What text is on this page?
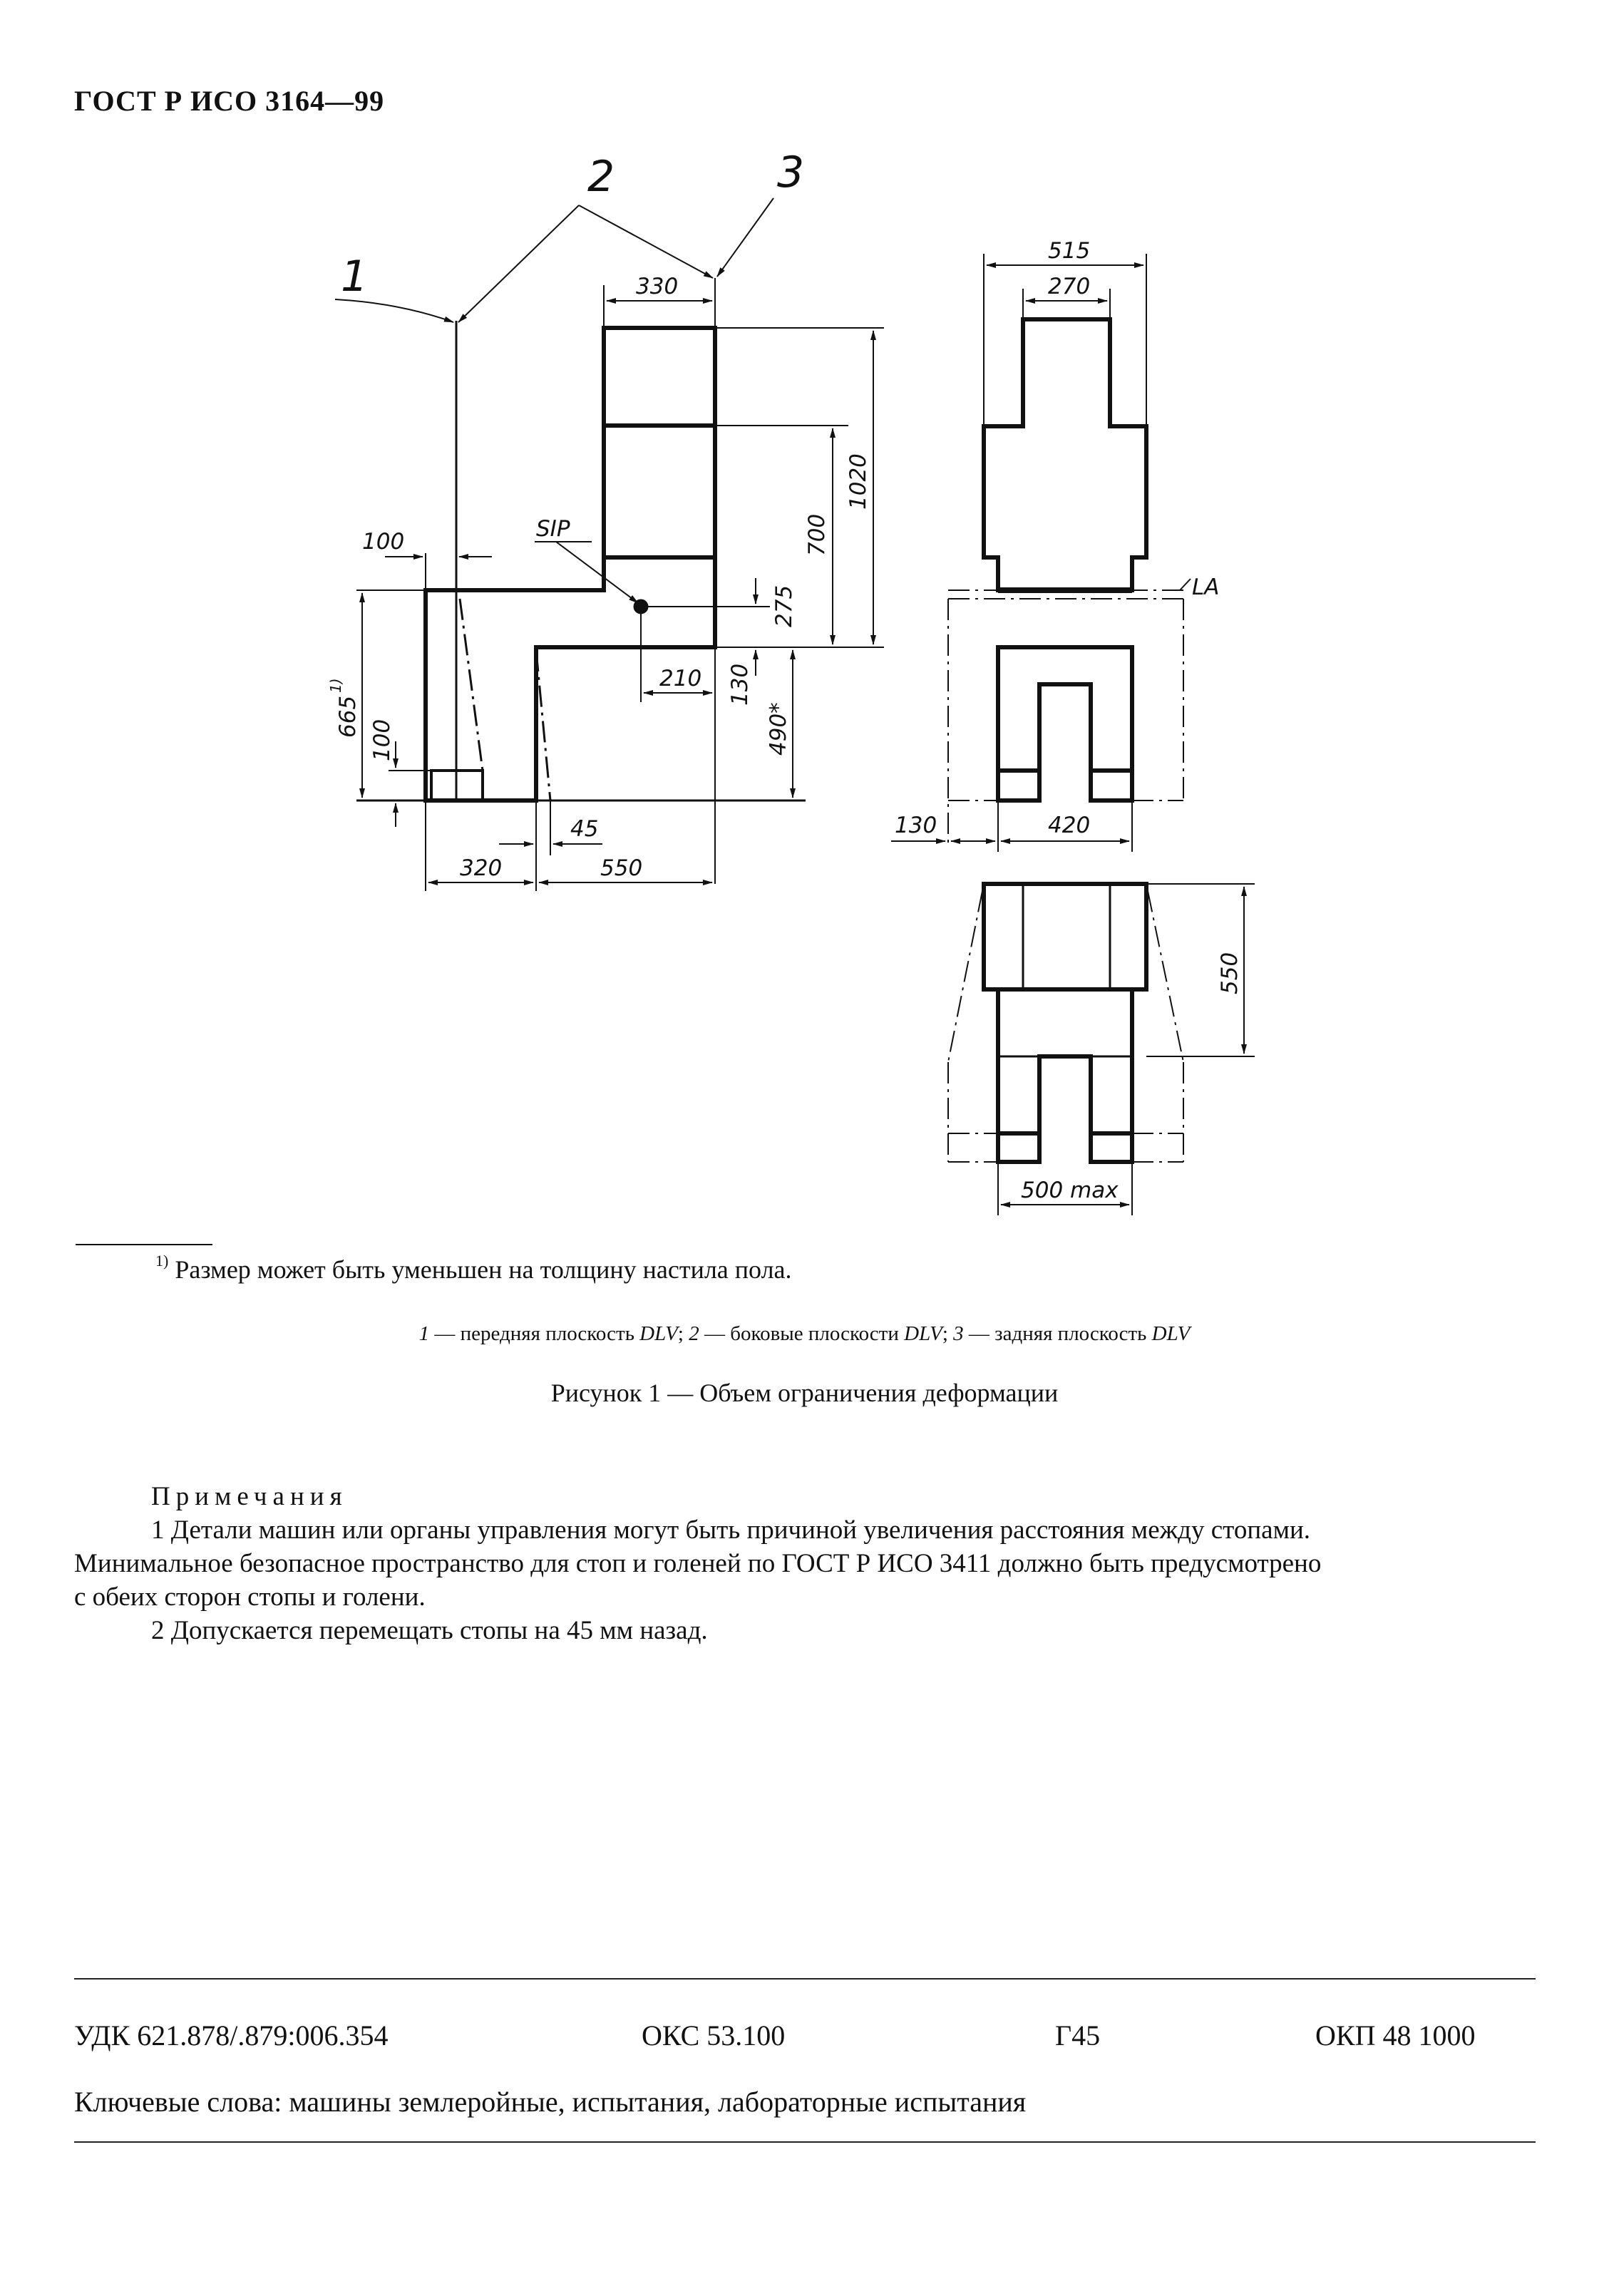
ГОСТ Р ИСО 3164—99
1
2	3
SIP
LA
330
1020
700
275
100
665
1)
100
210 130
490*
45
320	550
515
270
130	420
550
500 max
$^{1)}$ Размер может быть уменьшен на толщину настила пола.
1 — передняя плоскость DLV; 2 — боковые плоскости DLV; 3 — задняя плоскость DLV
Рисунок 1 — Объем ограничения деформации
Примечания
1 Детали машин или органы управления могут быть причиной увеличения расстояния между стопами.
Минимальное безопасное пространство для стоп и голеней по ГОСТ Р ИСО 3411 должно быть предусмотрено
с обеих сторон стопы и голени.
2 Допускается перемещать стопы на 45 мм назад.
УДК 621.878/.879:006.354	ОКС 53.100	Г45	ОКП 48 1000
Ключевые слова: машины землеройные, испытания, лабораторные испытания
